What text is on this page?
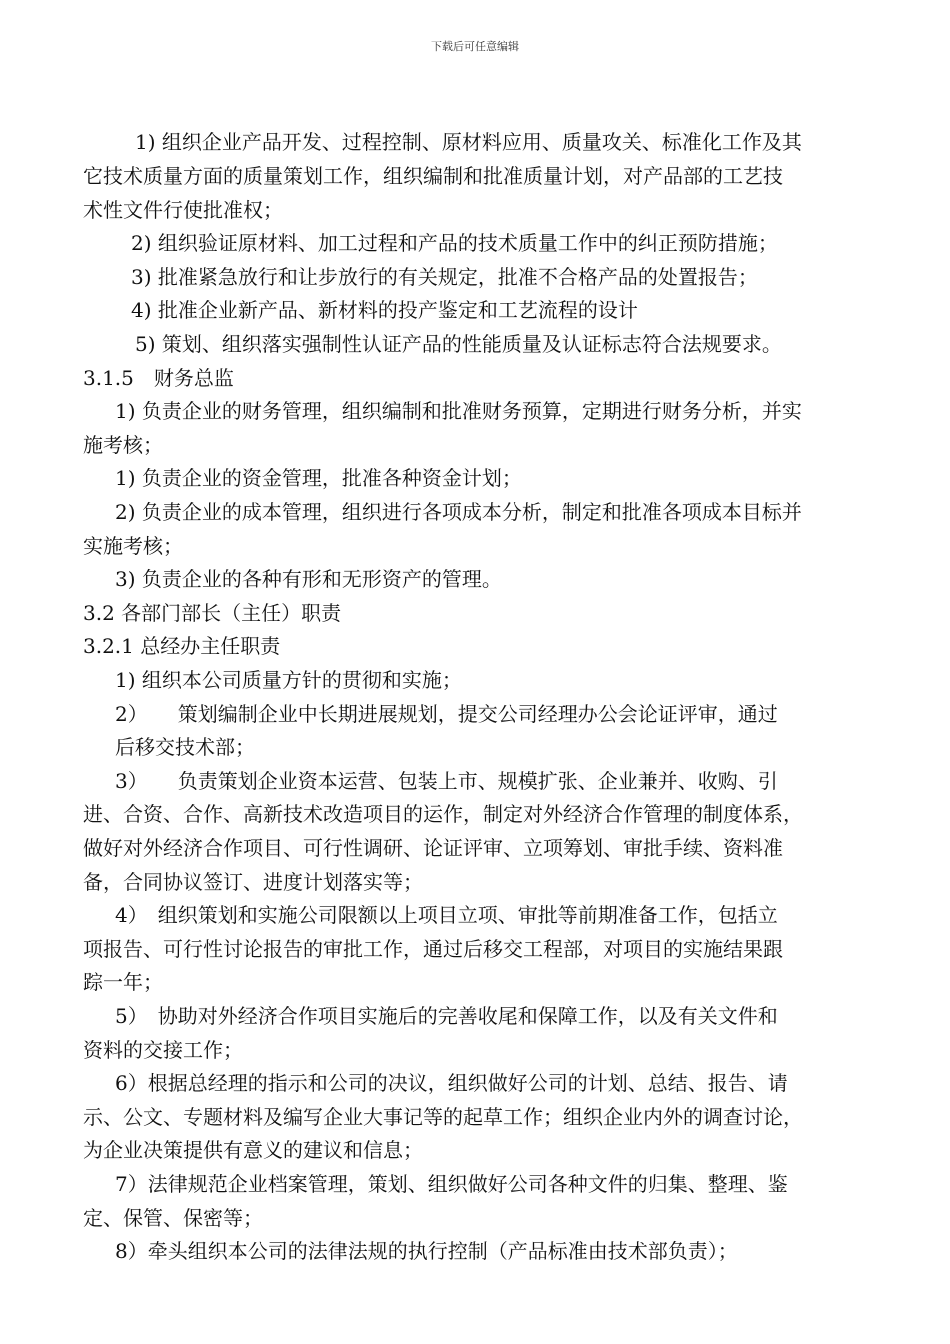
下载后可任意编辑
1) 组织企业产品开发、过程控制、原材料应用、质量攻关、标准化工作及其
它技术质量方面的质量策划工作，组织编制和批准质量计划，对产品部的工艺技
术性文件行使批准权；
2) 组织验证原材料、加工过程和产品的技术质量工作中的纠正预防措施；
3) 批准紧急放行和让步放行的有关规定，批准不合格产品的处置报告；
4) 批准企业新产品、新材料的投产鉴定和工艺流程的设计
5) 策划、组织落实强制性认证产品的性能质量及认证标志符合法规要求。
3.1.5　财务总监
1) 负责企业的财务管理，组织编制和批准财务预算，定期进行财务分析，并实
施考核；
1) 负责企业的资金管理，批准各种资金计划；
2) 负责企业的成本管理，组织进行各项成本分析，制定和批准各项成本目标并
实施考核；
3) 负责企业的各种有形和无形资产的管理。
3.2 各部门部长（主任）职责
3.2.1 总经办主任职责
1) 组织本公司质量方针的贯彻和实施；
2）　　策划编制企业中长期进展规划，提交公司经理办公会论证评审，通过
后移交技术部；
3）　　负责策划企业资本运营、包装上市、规模扩张、企业兼并、收购、引
进、合资、合作、高新技术改造项目的运作，制定对外经济合作管理的制度体系，
做好对外经济合作项目、可行性调研、论证评审、立项筹划、审批手续、资料准
备，合同协议签订、进度计划落实等；
4）　组织策划和实施公司限额以上项目立项、审批等前期准备工作，包括立
项报告、可行性讨论报告的审批工作，通过后移交工程部，对项目的实施结果跟
踪一年；
5）　协助对外经济合作项目实施后的完善收尾和保障工作，以及有关文件和
资料的交接工作；
6）根据总经理的指示和公司的决议，组织做好公司的计划、总结、报告、请
示、公文、专题材料及编写企业大事记等的起草工作；组织企业内外的调查讨论，
为企业决策提供有意义的建议和信息；
7）法律规范企业档案管理，策划、组织做好公司各种文件的归集、整理、鉴
定、保管、保密等；
8）牵头组织本公司的法律法规的执行控制（产品标准由技术部负责）；
